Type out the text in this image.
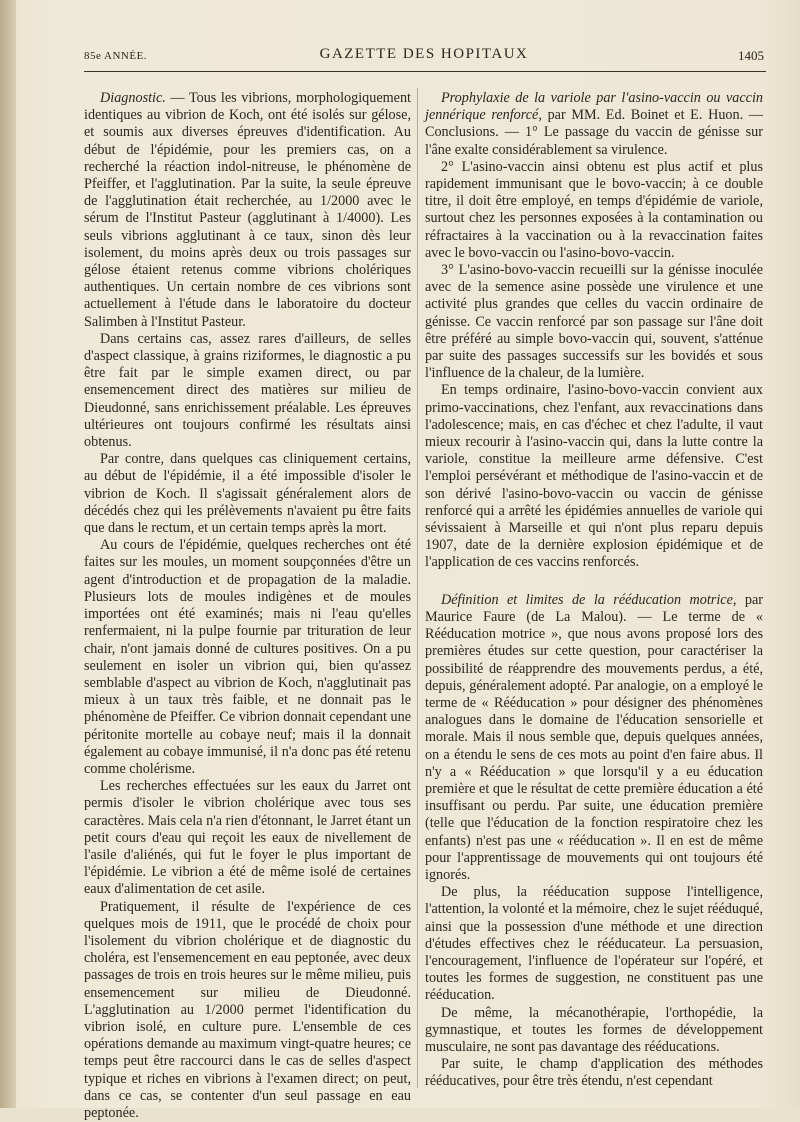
85e ANNÉE.	GAZETTE DES HOPITAUX	1405

Diagnostic. — Tous les vibrions, morphologiquement identiques au vibrion de Koch, ont été isolés sur gélose, et soumis aux diverses épreuves d'identification. Au début de l'épidémie, pour les premiers cas, on a recherché la réaction indol-nitreuse, le phénomène de Pfeiffer, et l'agglutination. Par la suite, la seule épreuve de l'agglutination était recherchée, au 1/2000 avec le sérum de l'Institut Pasteur (agglutinant à 1/4000). Les seuls vibrions agglutinant à ce taux, sinon dès leur isolement, du moins après deux ou trois passages sur gélose étaient retenus comme vibrions cholériques authentiques. Un certain nombre de ces vibrions sont actuellement à l'étude dans le laboratoire du docteur Salimben à l'Institut Pasteur.

Dans certains cas, assez rares d'ailleurs, de selles d'aspect classique, à grains riziformes, le diagnostic a pu être fait par le simple examen direct, ou par ensemencement direct des matières sur milieu de Dieudonné, sans enrichissement préalable. Les épreuves ultérieures ont toujours confirmé les résultats ainsi obtenus.

Par contre, dans quelques cas cliniquement certains, au début de l'épidémie, il a été impossible d'isoler le vibrion de Koch. Il s'agissait généralement alors de décédés chez qui les prélèvements n'avaient pu être faits que dans le rectum, et un certain temps après la mort.

Au cours de l'épidémie, quelques recherches ont été faites sur les moules, un moment soupçonnées d'être un agent d'introduction et de propagation de la maladie. Plusieurs lots de moules indigènes et de moules importées ont été examinés; mais ni l'eau qu'elles renfermaient, ni la pulpe fournie par trituration de leur chair, n'ont jamais donné de cultures positives. On a pu seulement en isoler un vibrion qui, bien qu'assez semblable d'aspect au vibrion de Koch, n'agglutinait pas mieux à un taux très faible, et ne donnait pas le phénomène de Pfeiffer. Ce vibrion donnait cependant une péritonite mortelle au cobaye neuf; mais il la donnait également au cobaye immunisé, il n'a donc pas été retenu comme cholérisme.

Les recherches effectuées sur les eaux du Jarret ont permis d'isoler le vibrion cholérique avec tous ses caractères. Mais cela n'a rien d'étonnant, le Jarret étant un petit cours d'eau qui reçoit les eaux de nivellement de l'asile d'aliénés, qui fut le foyer le plus important de l'épidémie. Le vibrion a été de même isolé de certaines eaux d'alimentation de cet asile.

Pratiquement, il résulte de l'expérience de ces quelques mois de 1911, que le procédé de choix pour l'isolement du vibrion cholérique et de diagnostic du choléra, est l'ensemencement en eau peptonée, avec deux passages de trois en trois heures sur le même milieu, puis ensemencement sur milieu de Dieudonné. L'agglutination au 1/2000 permet l'identification du vibrion isolé, en culture pure. L'ensemble de ces opérations demande au maximum vingt-quatre heures; ce temps peut être raccourci dans le cas de selles d'aspect typique et riches en vibrions à l'examen direct; on peut, dans ce cas, se contenter d'un seul passage en eau peptonée.

Prophylaxie de la variole par l'asino-vaccin ou vaccin jennérique renforcé, par MM. Ed. Boinet et E. Huon. — Conclusions. — 1° Le passage du vaccin de génisse sur l'âne exalte considérablement sa virulence.

2° L'asino-vaccin ainsi obtenu est plus actif et plus rapidement immunisant que le bovo-vaccin; à ce double titre, il doit être employé, en temps d'épidémie de variole, surtout chez les personnes exposées à la contamination ou réfractaires à la vaccination ou à la revaccination faites avec le bovo-vaccin ou l'asino-bovo-vaccin.

3° L'asino-bovo-vaccin recueilli sur la génisse inoculée avec de la semence asine possède une virulence et une activité plus grandes que celles du vaccin ordinaire de génisse. Ce vaccin renforcé par son passage sur l'âne doit être préféré au simple bovo-vaccin qui, souvent, s'atténue par suite des passages successifs sur les bovidés et sous l'influence de la chaleur, de la lumière.

En temps ordinaire, l'asino-bovo-vaccin convient aux primo-vaccinations, chez l'enfant, aux revaccinations dans l'adolescence; mais, en cas d'échec et chez l'adulte, il vaut mieux recourir à l'asino-vaccin qui, dans la lutte contre la variole, constitue la meilleure arme défensive. C'est l'emploi persévérant et méthodique de l'asino-vaccin et de son dérivé l'asino-bovo-vaccin ou vaccin de génisse renforcé qui a arrêté les épidémies annuelles de variole qui sévissaient à Marseille et qui n'ont plus reparu depuis 1907, date de la dernière explosion épidémique et de l'application de ces vaccins renforcés.

Définition et limites de la rééducation motrice, par Maurice Faure (de La Malou). — Le terme de « Rééducation motrice », que nous avons proposé lors des premières études sur cette question, pour caractériser la possibilité de réapprendre des mouvements perdus, a été, depuis, généralement adopté. Par analogie, on a employé le terme de « Rééducation » pour désigner des phénomènes analogues dans le domaine de l'éducation sensorielle et morale. Mais il nous semble que, depuis quelques années, on a étendu le sens de ces mots au point d'en faire abus. Il n'y a « Rééducation » que lorsqu'il y a eu éducation première et que le résultat de cette première éducation a été insuffisant ou perdu. Par suite, une éducation première (telle que l'éducation de la fonction respiratoire chez les enfants) n'est pas une « rééducation ». Il en est de même pour l'apprentissage de mouvements qui ont toujours été ignorés.

De plus, la rééducation suppose l'intelligence, l'attention, la volonté et la mémoire, chez le sujet rééduqué, ainsi que la possession d'une méthode et une direction d'études effectives chez le rééducateur. La persuasion, l'encouragement, l'influence de l'opérateur sur l'opéré, et toutes les formes de suggestion, ne constituent pas une rééducation.

De même, la mécanothérapie, l'orthopédie, la gymnastique, et toutes les formes de développement musculaire, ne sont pas davantage des rééducations.

Par suite, le champ d'application des méthodes rééducatives, pour être très étendu, n'est cependant
